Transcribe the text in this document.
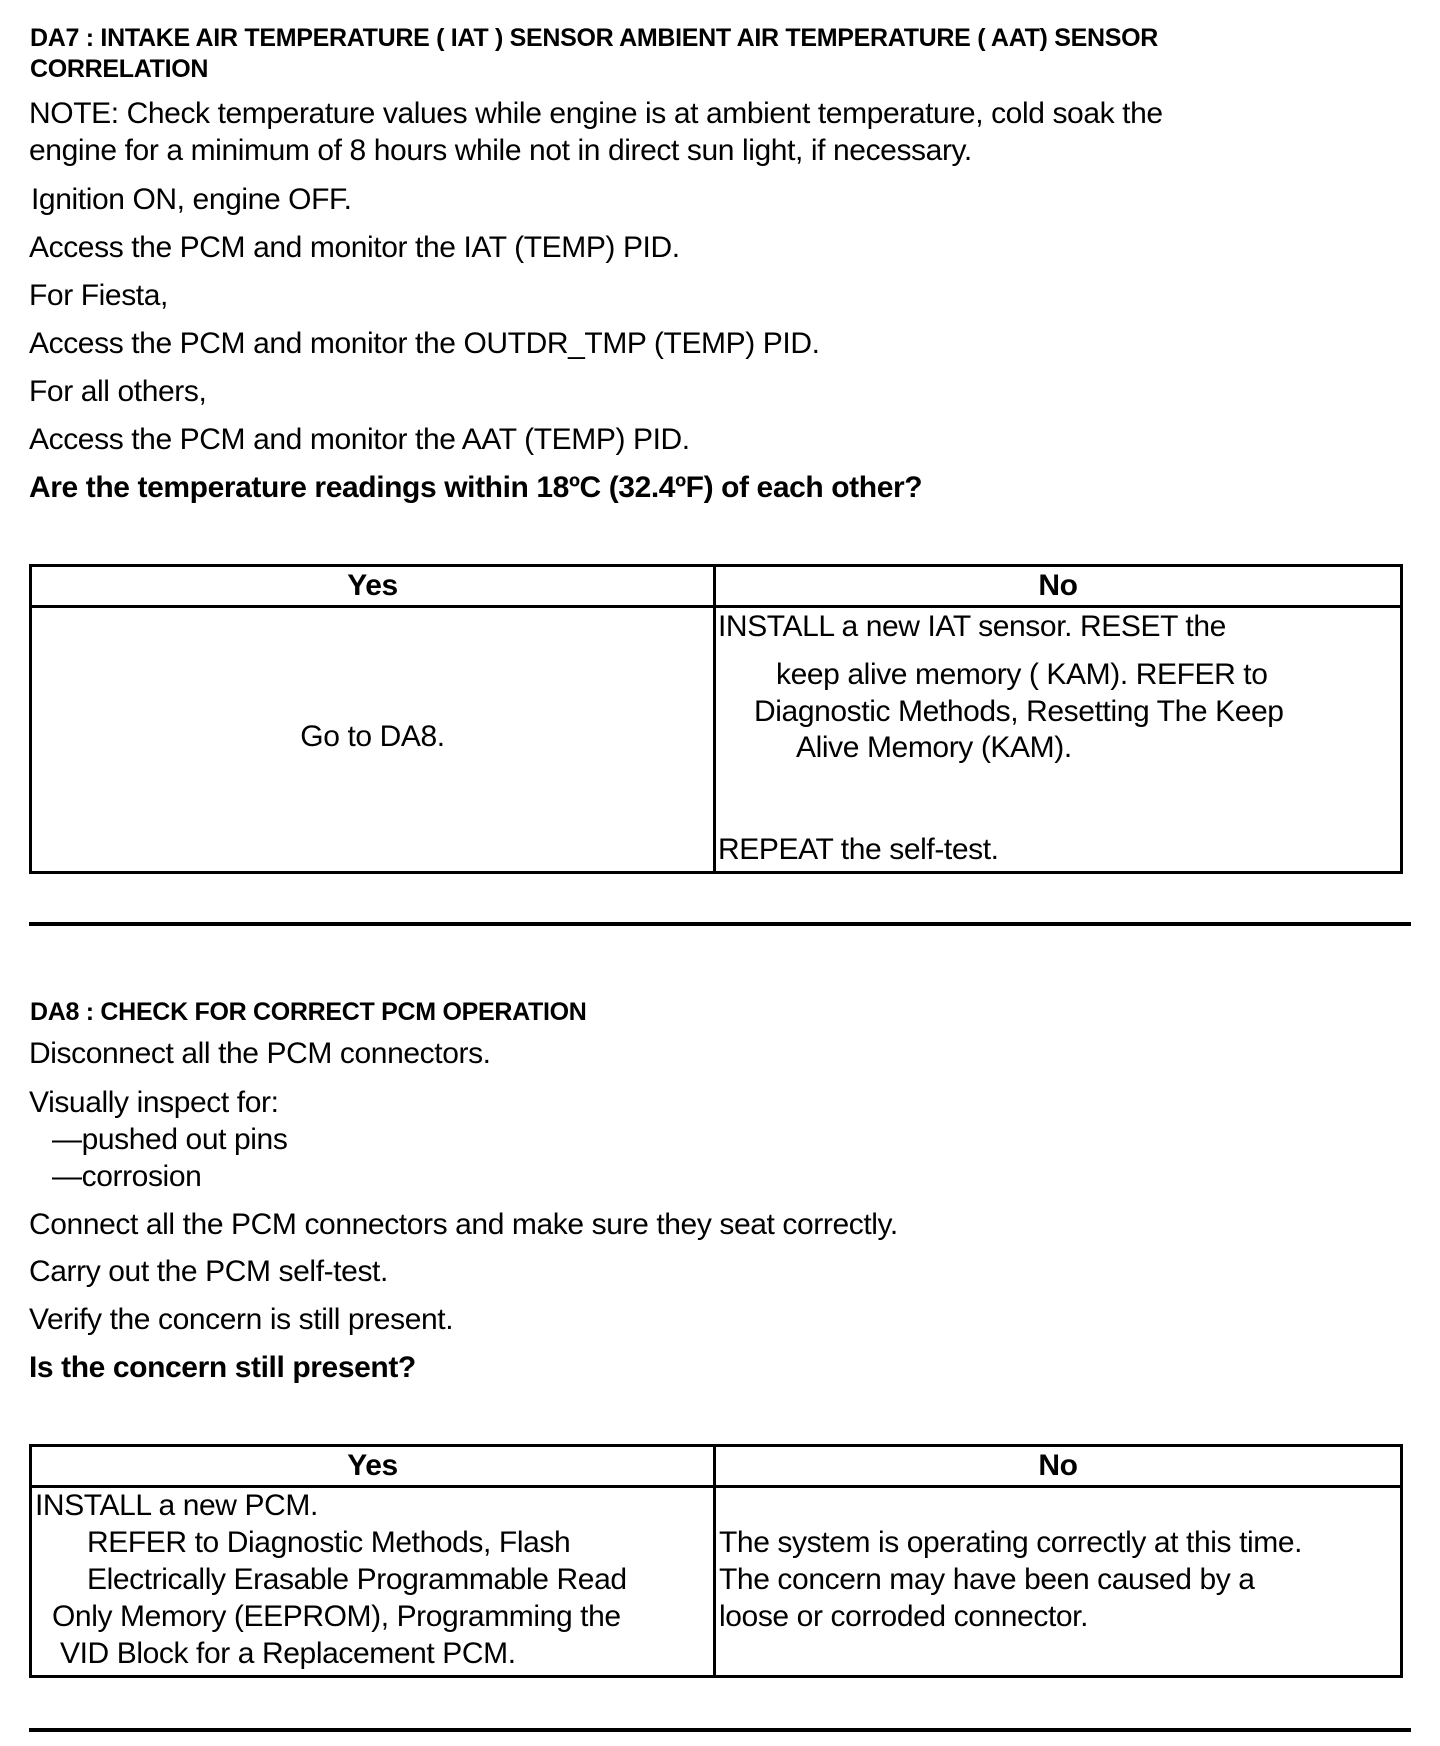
DA7 : INTAKE AIR TEMPERATURE ( IAT ) SENSOR AMBIENT AIR TEMPERATURE ( AAT) SENSOR
CORRELATION
NOTE: Check temperature values while engine is at ambient temperature, cold soak the
engine for a minimum of 8 hours while not in direct sun light, if necessary.
Ignition ON, engine OFF.
Access the PCM and monitor the IAT (TEMP) PID.
For Fiesta,
Access the PCM and monitor the OUTDR_TMP (TEMP) PID.
For all others,
Access the PCM and monitor the AAT (TEMP) PID.
Are the temperature readings within 18ºC (32.4ºF) of each other?
Yes	No

Go to DA8.	INSTALL a new IAT sensor. RESET the
keep alive memory ( KAM). REFER to
Diagnostic Methods, Resetting The Keep
Alive Memory (KAM).
REPEAT the self-test.
DA8 : CHECK FOR CORRECT PCM OPERATION
Disconnect all the PCM connectors.
Visually inspect for:
—pushed out pins
—corrosion
Connect all the PCM connectors and make sure they seat correctly.
Carry out the PCM self-test.
Verify the concern is still present.
Is the concern still present?
Yes	No

INSTALL a new PCM.
REFER to Diagnostic Methods, Flash
Electrically Erasable Programmable Read
Only Memory (EEPROM), Programming the
VID Block for a Replacement PCM.	The system is operating correctly at this time.
The concern may have been caused by a
loose or corroded connector.
